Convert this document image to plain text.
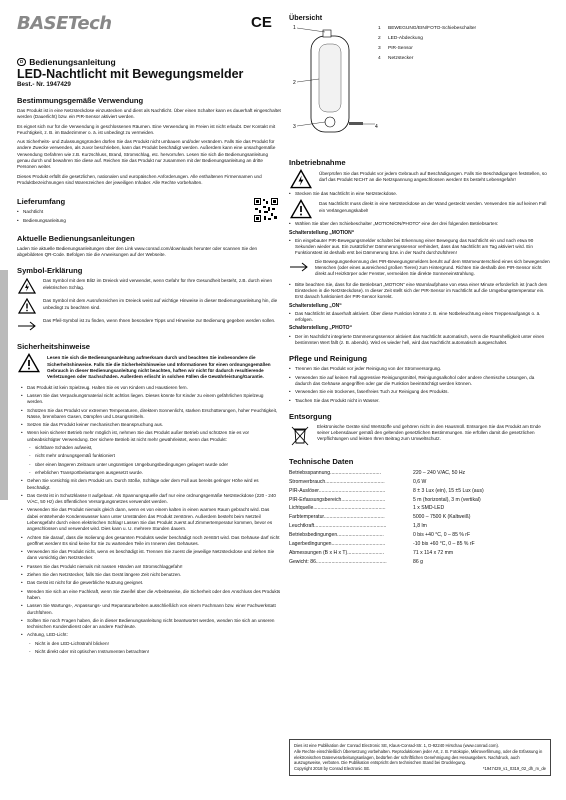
BASETech	CE
D Bedienungsanleitung
LED-Nachtlicht mit Bewegungsmelder
Best.- Nr. 1947429
Bestimmungsgemäße Verwendung

Das Produkt ist in eine Netzsteckdose einzustecken und dient als Nachtlicht. Über einen Schalter kann es dauerhaft eingeschaltet werden (Dauerlicht) bzw. ein PIR-Sensor aktiviert werden.

Es eignet sich nur für die Verwendung in geschlossenen Räumen. Eine Verwendung im Freien ist nicht erlaubt. Der Kontakt mit Feuchtigkeit, z. B. im Badezimmer o. ä. ist unbedingt zu vermeiden.

Aus Sicherheits- und Zulassungsgründen dürfen Sie das Produkt nicht umbauen und/oder verändern. Falls Sie das Produkt für andere Zwecke verwenden, als zuvor beschrieben, kann das Produkt beschädigt werden. Außerdem kann eine unsachgemäße Verwendung Gefahren wie z.B. Kurzschluss, Brand, Stromschlag, etc. hervorrufen. Lesen Sie sich die Bedienungsanleitung genau durch und bewahren Sie diese auf. Reichen Sie das Produkt nur zusammen mit der Bedienungsanleitung an dritte Personen weiter.

Dieses Produkt erfüllt die gesetzlichen, nationalen und europäischen Anforderungen. Alle enthaltenen Firmennamen und Produktbezeichnungen sind Warenzeichen der jeweiligen Inhaber. Alle Rechte vorbehalten.

Lieferumfang
• Nachtlicht
• Bedienungsanleitung
Aktuelle Bedienungsanleitungen

Laden Sie aktuelle Bedienungsanleitungen über den Link www.conrad.com/downloads herunter oder scannen Sie den abgebildeten QR-Code. Befolgen Sie die Anweisungen auf der Webseite.

Symbol-Erklärung
Das Symbol mit dem Blitz im Dreieck wird verwendet, wenn Gefahr für Ihre Gesundheit besteht, z.B. durch einen elektrischen Schlag.
Das Symbol mit dem Ausrufezeichen im Dreieck weist auf wichtige Hinweise in dieser Bedienungsanleitung hin, die unbedingt zu beachten sind.
Das Pfeil-Symbol ist zu finden, wenn Ihnen besondere Tipps und Hinweise zur Bedienung gegeben werden sollen.
Sicherheitshinweise
Lesen Sie sich die Bedienungsanleitung aufmerksam durch und beachten Sie insbesondere die Sicherheitshinweise. Falls Sie die Sicherheitshinweise und Informationen für einen ordnungsgemäßen Gebrauch in dieser Bedienungsanleitung nicht beachten, haften wir nicht für dadurch resultierende Verletzungen oder Sachschäden. Außerdem erlischt in solchen Fällen die Gewährleistung/Garantie.
• Das Produkt ist kein Spielzeug. Halten Sie es von Kindern und Haustieren fern.
• Lassen Sie das Verpackungsmaterial nicht achtlos liegen. Dieses könnte für Kinder zu einem gefährlichen Spielzeug werden.
• Schützen Sie das Produkt vor extremen Temperaturen, direktem Sonnenlicht, starken Erschütterungen, hoher Feuchtigkeit, Nässe, brennbaren Gasen, Dämpfen und Lösungsmitteln.
• Setzen Sie das Produkt keiner mechanischen Beanspruchung aus.
• Wenn kein sicherer Betrieb mehr möglich ist, nehmen Sie das Produkt außer Betrieb und schützen Sie es vor unbeabsichtigter Verwendung. Der sichere Betrieb ist nicht mehr gewährleistet, wenn das Produkt:
- sichtbare Schäden aufweist,
- nicht mehr ordnungsgemäß funktioniert
- über einen längeren Zeitraum unter ungünstigen Umgebungsbedingungen gelagert wurde oder
- erheblichen Transportbelastungen ausgesetzt wurde.
• Gehen Sie vorsichtig mit dem Produkt um. Durch Stöße, Schläge oder dem Fall aus bereits geringer Höhe wird es beschädigt.
• Das Gerät ist in Schutzklasse II aufgebaut. Als Spannungsquelle darf nur eine ordnungsgemäße Netzsteckdose (220 - 240 V/AC, 50 Hz) des öffentlichen Versorgungsnetzes verwendet werden.
• Verwenden Sie das Produkt niemals gleich dann, wenn es von einem kalten in einen warmen Raum gebracht wird. Das dabei entstehende Kondenswasser kann unter Umständen das Produkt zerstören. Außerdem besteht beim Netzteil Lebensgefahr durch einen elektrischen Schlag! Lassen Sie das Produkt zuerst auf Zimmertemperatur kommen, bevor es angeschlossen und verwendet wird. Dies kann u. U. mehrere Stunden dauern.
• Achten Sie darauf, dass die Isolierung des gesamten Produkts weder beschädigt noch zerstört wird. Das Gehäuse darf nicht geöffnet werden! Es sind keine für Sie zu wartenden Teile im Inneren des Gehäuses.
• Verwenden Sie das Produkt nicht, wenn es beschädigt ist. Trennen Sie zuerst die jeweilige Netzsteckdose und ziehen Sie dann vorsichtig den Netzstecker.
• Fassen Sie das Produkt niemals mit nassen Händen an! Stromschlaggefahr!
• Ziehen Sie den Netzstecker, falls Sie das Gerät längere Zeit nicht benutzen.
• Das Gerät ist nicht für die gewerbliche Nutzung geeignet.
• Wenden Sie sich an eine Fachkraft, wenn Sie Zweifel über die Arbeitsweise, die Sicherheit oder den Anschluss des Produkts haben.
• Lassen Sie Wartungs-, Anpassungs- und Reparaturarbeiten ausschließlich von einem Fachmann bzw. einer Fachwerkstatt durchführen.
• Sollten Sie noch Fragen haben, die in dieser Bedienungsanleitung nicht beantwortet werden, wenden Sie sich an unseren technischen Kundendienst oder an andere Fachleute.
• Achtung, LED-Licht:
- Nicht in den LED-Lichtstrahl blicken!
- Nicht direkt oder mit optischen Instrumenten betrachten!
Übersicht
1
2
3	4
Inbetriebnahme
Überprüfen Sie das Produkt vor jedem Gebrauch auf Beschädigungen. Falls Sie Beschädigungen feststellen, so darf das Produkt NICHT an die Netzspannung angeschlossen werden! Es besteht Lebensgefahr!
• Stecken Sie das Nachtlicht in eine Netzsteckdose.
Das Nachtlicht muss direkt in eine Netzsteckdose an der Wand gesteckt werden. Verwenden Sie auf keinen Fall ein Verlängerungskabel!
• Wählen Sie über den Schiebeschalter „MOTION/ON/PHOTO“ eine der drei folgenden Betriebsarten:
Schalterstellung „MOTION“
• Ein eingebauter PIR-Bewegungsmelder schaltet bei Erkennung einer Bewegung das Nachtlicht ein und nach etwa 90 Sekunden wieder aus. Ein zusätzlicher Dämmerungssensor verhindert, dass das Nachtlicht am Tag aktiviert wird. Ein Funktionstest ist deshalb erst bei Dämmerung bzw. in der Nacht durchzuführen!
Die Bewegungserkennung des PIR-Bewegungsmelders beruht auf dem Wärmeunterschied eines sich bewegenden Menschen (oder eines ausreichend großen Tieres) zum Hintergrund. Richten Sie deshalb den PIR-Sensor nicht direkt auf Heizkörper oder Fenster, vermeiden Sie direkte Sonneneinstrahlung.
• Bitte beachten Sie, dass für die Betriebsart „MOTION“ eine Warmlaufphase von etwa einer Minute erforderlich ist (nach dem Einstecken in die Netzsteckdose). In dieser Zeit stellt sich der PIR-Sensor im Nachtlicht auf die Umgebungstemperatur ein. Erst danach funktioniert der PIR-Sensor korrekt.
Schalterstellung „ON“
• Das Nachtlicht ist dauerhaft aktiviert. Über diese Funktion könnte z. B. eine Notbeleuchtung eines Treppenaufgangs o. ä. erfolgen.
Schalterstellung „PHOTO“
• Der im Nachtlicht integrierte Dämmerungssensor aktiviert das Nachtlicht automatisch, wenn die Raumhelligkeit unter einen bestimmten Wert fällt (z. B. abends). Wird es wieder hell, wird das Nachtlicht automatisch ausgeschaltet.
Pflege und Reinigung
• Trennen Sie das Produkt vor jeder Reinigung von der Stromversorgung.
• Verwenden Sie auf keinen Fall aggressive Reinigungsmittel, Reinigungsalkohol oder andere chemische Lösungen, da dadurch das Gehäuse angegriffen oder gar die Funktion beeinträchtigt werden können.
• Verwenden Sie ein trockenes, faserfreies Tuch zur Reinigung des Produkts.
• Tauchen Sie das Produkt nicht in Wasser.
Entsorgung
Elektronische Geräte sind Wertstoffe und gehören nicht in den Hausmüll. Entsorgen Sie das Produkt am Ende seiner Lebensdauer gemäß den geltenden gesetzlichen Bestimmungen. Sie erfüllen damit die gesetzlichen Verpflichtungen und leisten Ihren Beitrag zum Umweltschutz.
Technische Daten
Betriebsspannung....................................	220 – 240 V/AC, 50 Hz
Stromverbrauch..........................................	0,6 W
PIR-Auslöser...............................................	8 ± 3 Lux (ein), 15 ±5 Lux (aus)
PIR-Erfassungsbereich...............................	5 m (horizontal), 3 m (vertikal)
Lichtquelle...................................................	1 x SMD-LED
Farbtemperatur...........................................	5000 – 7500 K (Kaltweiß)
Leuchtkraft...................................................	1,8 lm
Betriebsbedingungen.................................	0 bis +40 °C, 0 – 85 % rF
Lagerbedingungen......................................	-10 bis +60 °C, 0 – 85 % rF
Abmessungen (B x H x T)..........................	71 x 114 x 72 mm
Gewicht: 86..................................................	86 g
Dies ist eine Publikation der Conrad Electronic SE, Klaus-Conrad-Str. 1, D-92240 Hirschau (www.conrad.com).
Alle Rechte einschließlich Übersetzung vorbehalten. Reproduktionen jeder Art, z. B. Fotokopie, Mikroverfilmung, oder die Erfassung in elektronischen Datenverarbeitungsanlagen, bedürfen der schriftlichen Genehmigung des Herausgebers. Nachdruck, auch auszugsweise, verboten. Die Publikation entspricht dem technischen Stand bei Drucklegung.
Copyright 2018 by Conrad Electronic SE.	*1947429_v1_0319_02_dh_m_de
1 BEWEGUNG/EIN/FOTO-Schiebeschalter
2 LED-Abdeckung
3 PIR-Sensor
4 Netzstecker
